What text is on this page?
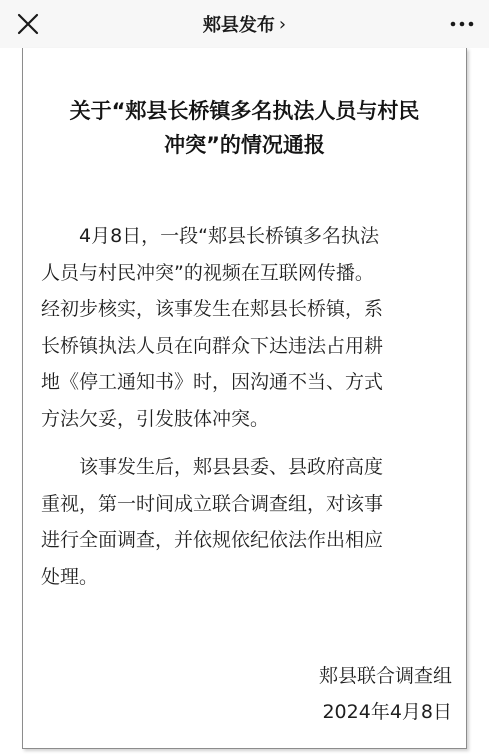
郏县发布 ›
关于“郏县长桥镇多名执法人员与村民
冲突”的情况通报

4月8日，一段“郏县长桥镇多名执法
人员与村民冲突”的视频在互联网传播。
经初步核实，该事发生在郏县长桥镇，系
长桥镇执法人员在向群众下达违法占用耕
地《停工通知书》时，因沟通不当、方式
方法欠妥，引发肢体冲突。

该事发生后，郏县县委、县政府高度
重视，第一时间成立联合调查组，对该事
进行全面调查，并依规依纪依法作出相应
处理。

郏县联合调查组
2024年4月8日
